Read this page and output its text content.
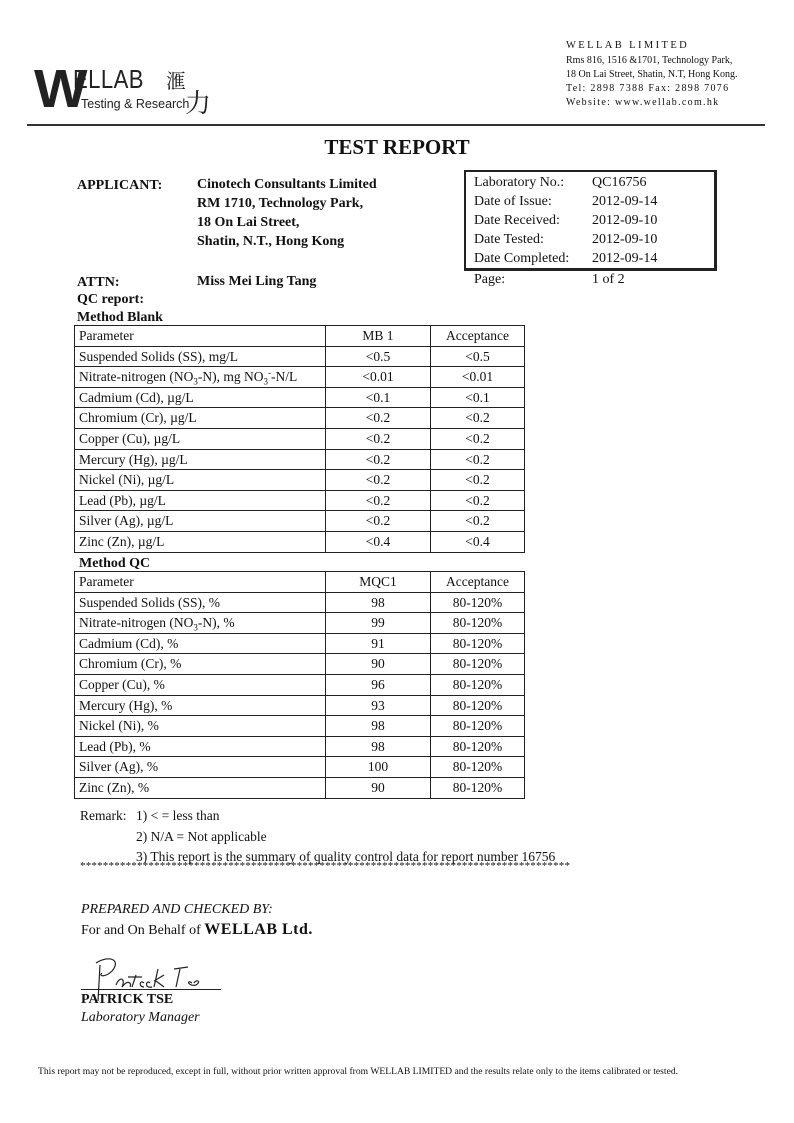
W
ELLAB
Testing & Research
滙
力
WELLAB LIMITED
Rms 816, 1516 &1701, Technology Park,
18 On Lai Street, Shatin, N.T, Hong Kong.
Tel: 2898 7388 Fax: 2898 7076
Website: www.wellab.com.hk
TEST REPORT
APPLICANT: Cinotech Consultants Limited
RM 1710, Technology Park,
18 On Lai Street,
Shatin, N.T., Hong Kong
ATTN:	Miss Mei Ling Tang
QC report:
Laboratory No.: QC16756
Date of Issue:	2012-09-14
Date Received: 2012-09-10
Date Tested:	2012-09-10
Date Completed: 2012-09-14
Page:	1 of 2
Method Blank
Parameter	MB 1	Acceptance
Suspended Solids (SS), mg/L	<0.5	<0.5
Nitrate-nitrogen $(NO_3-N)$, mg $NO_3^--N/L$	<0.01	<0.01
Cadmium (Cd), µg/L	<0.1	<0.1
Chromium (Cr), µg/L	<0.2	<0.2
Copper (Cu), µg/L	<0.2	<0.2
Mercury (Hg), µg/L	<0.2	<0.2
Nickel (Ni), µg/L	<0.2	<0.2
Lead (Pb), µg/L	<0.2	<0.2
Silver (Ag), µg/L	<0.2	<0.2
Zinc (Zn), µg/L	<0.4	<0.4
Method QC
Parameter	MQC1	Acceptance
Suspended Solids (SS), %	98	80-120%
Nitrate-nitrogen $(NO_3-N)$, %	99	80-120%
Cadmium (Cd), %	91	80-120%
Chromium (Cr), %	90	80-120%
Copper (Cu), %	96	80-120%
Mercury (Hg), %	93	80-120%
Nickel (Ni), %	98	80-120%
Lead (Pb), %	98	80-120%
Silver (Ag), %	100	80-120%
Zinc (Zn), %	90	80-120%
Remark: 1) < = less than
2) N/A = Not applicable
3) This report is the summary of quality control data for report number 16756
**************************************************************************************
PREPARED AND CHECKED BY:
For and On Behalf of WELLAB Ltd.
PATRICK TSE
Laboratory Manager
This report may not be reproduced, except in full, without prior written approval from WELLAB LIMITED and the results relate only to the items calibrated or tested.
